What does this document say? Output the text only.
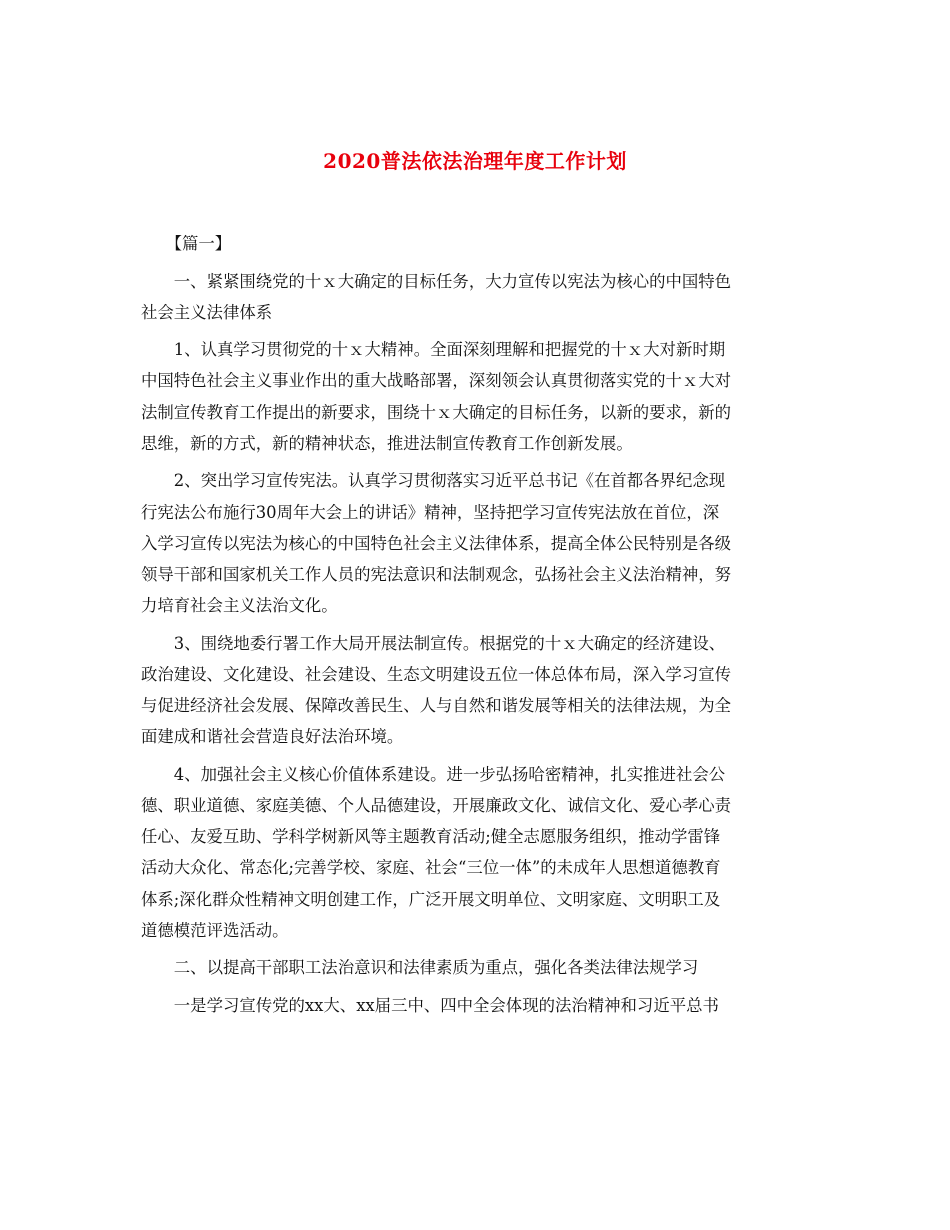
2020普法依法治理年度工作计划
【篇一】
一、紧紧围绕党的十ｘ大确定的目标任务，大力宣传以宪法为核心的中国特色
社会主义法律体系
1、认真学习贯彻党的十ｘ大精神。全面深刻理解和把握党的十ｘ大对新时期
中国特色社会主义事业作出的重大战略部署，深刻领会认真贯彻落实党的十ｘ大对
法制宣传教育工作提出的新要求，围绕十ｘ大确定的目标任务，以新的要求，新的
思维，新的方式，新的精神状态，推进法制宣传教育工作创新发展。
2、突出学习宣传宪法。认真学习贯彻落实习近平总书记《在首都各界纪念现
行宪法公布施行30周年大会上的讲话》精神，坚持把学习宣传宪法放在首位，深
入学习宣传以宪法为核心的中国特色社会主义法律体系，提高全体公民特别是各级
领导干部和国家机关工作人员的宪法意识和法制观念，弘扬社会主义法治精神，努
力培育社会主义法治文化。
3、围绕地委行署工作大局开展法制宣传。根据党的十ｘ大确定的经济建设、
政治建设、文化建设、社会建设、生态文明建设五位一体总体布局，深入学习宣传
与促进经济社会发展、保障改善民生、人与自然和谐发展等相关的法律法规，为全
面建成和谐社会营造良好法治环境。
4、加强社会主义核心价值体系建设。进一步弘扬哈密精神，扎实推进社会公
德、职业道德、家庭美德、个人品德建设，开展廉政文化、诚信文化、爱心孝心责
任心、友爱互助、学科学树新风等主题教育活动;健全志愿服务组织，推动学雷锋
活动大众化、常态化;完善学校、家庭、社会“三位一体”的未成年人思想道德教育
体系;深化群众性精神文明创建工作，广泛开展文明单位、文明家庭、文明职工及
道德模范评选活动。
二、以提高干部职工法治意识和法律素质为重点，强化各类法律法规学习
一是学习宣传党的xx大、xx届三中、四中全会体现的法治精神和习近平总书
